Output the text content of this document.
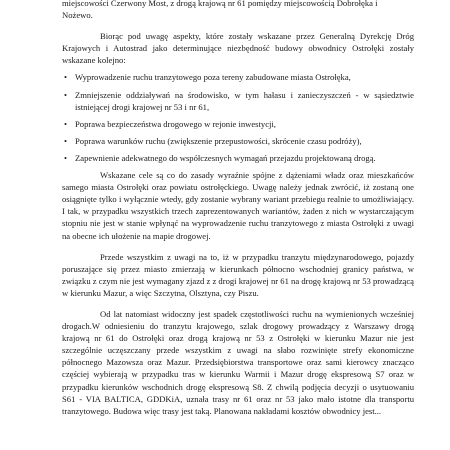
miejscowości Czerwony Most, z drogą krajową nr 61 pomiędzy miejscowością Dobrołęka i

Nożewo.

Biorąc pod uwagę aspekty, które zostały wskazane przez Generalną Dyrekcję Dróg Krajowych i Autostrad jako determinujące niezbędność budowy obwodnicy Ostrołęki zostały wskazane kolejno:

• Wyprowadzenie ruchu tranzytowego poza tereny zabudowane miasta Ostrołęka,
• Zmniejszenie oddziaływań na środowisko, w tym hałasu i zanieczyszczeń - w sąsiedztwie istniejącej drogi krajowej nr 53 i nr 61,
• Poprawa bezpieczeństwa drogowego w rejonie inwestycji,
• Poprawa warunków ruchu (zwiększenie przepustowości, skrócenie czasu podróży),
• Zapewnienie adekwatnego do współczesnych wymagań przejazdu projektowaną drogą.

Wskazane cele są co do zasady wyraźnie spójne z dążeniami władz oraz mieszkańców samego miasta Ostrołęki oraz powiatu ostrołęckiego. Uwagę należy jednak zwrócić, iż zostaną one osiągnięte tylko i wyłącznie wtedy, gdy zostanie wybrany wariant przebiegu realnie to umożliwiający. I tak, w przypadku wszystkich trzech zaprezentowanych wariantów, żaden z nich w wystarczającym stopniu nie jest w stanie wpłynąć na wyprowadzenie ruchu tranzytowego z miasta Ostrołęki z uwagi na obecne ich ułożenie na mapie drogowej.

Przede wszystkim z uwagi na to, iż w przypadku tranzytu międzynarodowego, pojazdy poruszające się przez miasto zmierzają w kierunkach północno wschodniej granicy państwa, w związku z czym nie jest wymagany zjazd z z drogi krajowej nr 61 na drogę krajową nr 53 prowadzącą w kierunku Mazur, a więc Szczytna, Olsztyna, czy Piszu.

Od lat natomiast widoczny jest spadek częstotliwości ruchu na wymienionych wcześniej drogach.W odniesieniu do tranzytu krajowego, szlak drogowy prowadzący z Warszawy drogą krajową nr 61 do Ostrołęki oraz drogą krajową nr 53 z Ostrołęki w kierunku Mazur nie jest szczególnie uczęszczany przede wszystkim z uwagi na słabo rozwinięte strefy ekonomiczne północnego Mazowsza oraz Mazur. Przedsiębiorstwa transportowe oraz sami kierowcy znacząco częściej wybierają w przypadku tras w kierunku Warmii i Mazur drogę ekspresową S7 oraz w przypadku kierunków wschodnich drogę ekspresową S8. Z chwilą podjęcia decyzji o usytuowaniu S61 - VIA BALTICA, GDDKiA, uznała trasy nr 61 oraz nr 53 jako mało istotne dla transportu tranzytowego. Budowa więc trasy jest taką. Planowana nakładami kosztów obwodnicy jest...
